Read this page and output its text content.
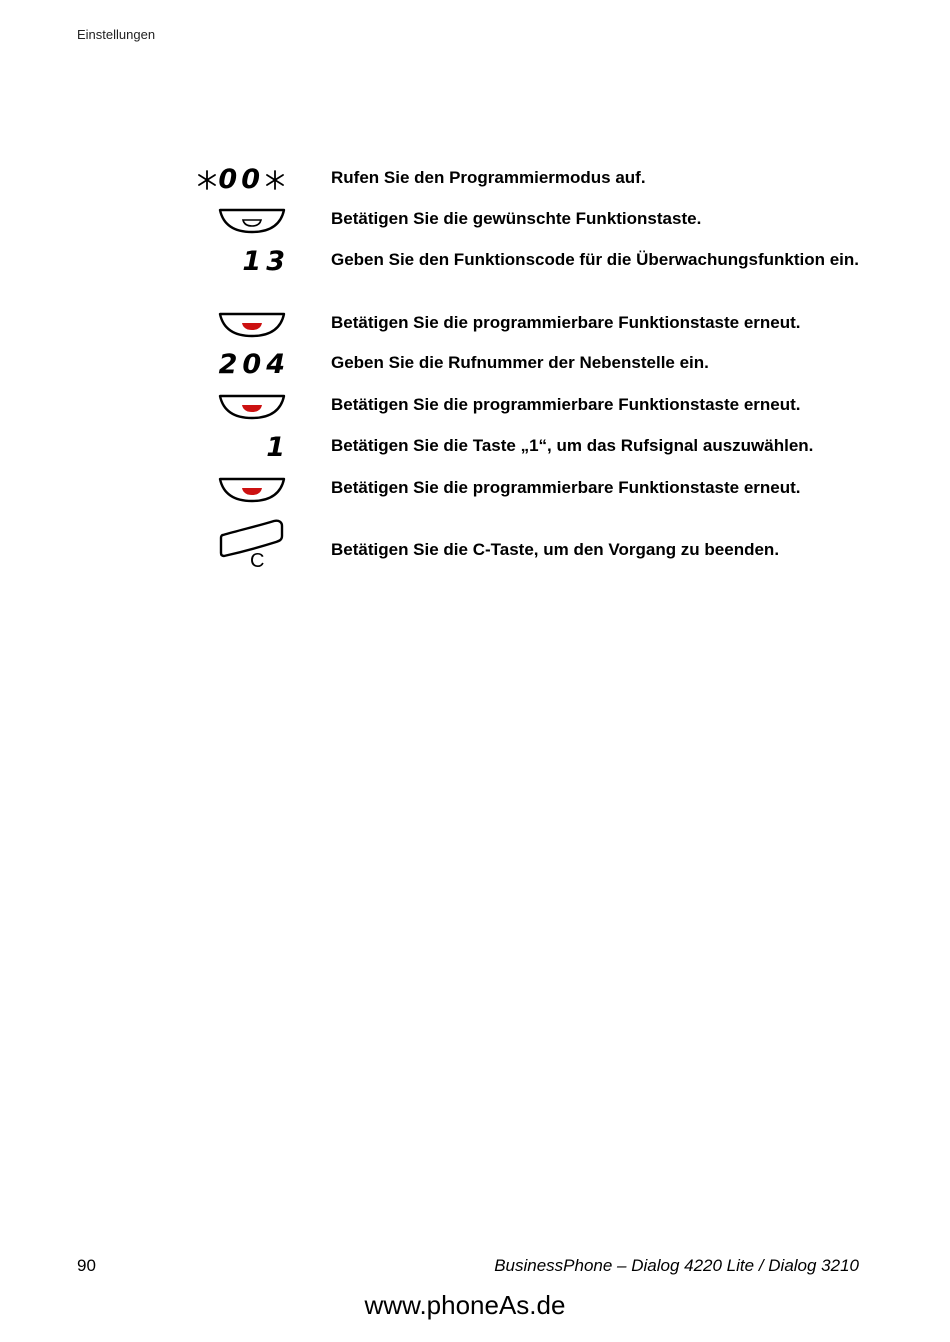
Einstellungen
00	Rufen Sie den Programmiermodus auf.
Betätigen Sie die gewünschte Funktionstaste.
13 Geben Sie den Funktionscode für die Überwachungsfunktion ein.
Betätigen Sie die programmierbare Funktionstaste erneut.
204 Geben Sie die Rufnummer der Nebenstelle ein.
Betätigen Sie die programmierbare Funktionstaste erneut.
1 Betätigen Sie die Taste „1“, um das Rufsignal auszuwählen.
Betätigen Sie die programmierbare Funktionstaste erneut.
C
Betätigen Sie die C-Taste, um den Vorgang zu beenden.
90	BusinessPhone – Dialog 4220 Lite / Dialog 3210
www.phoneAs.de
